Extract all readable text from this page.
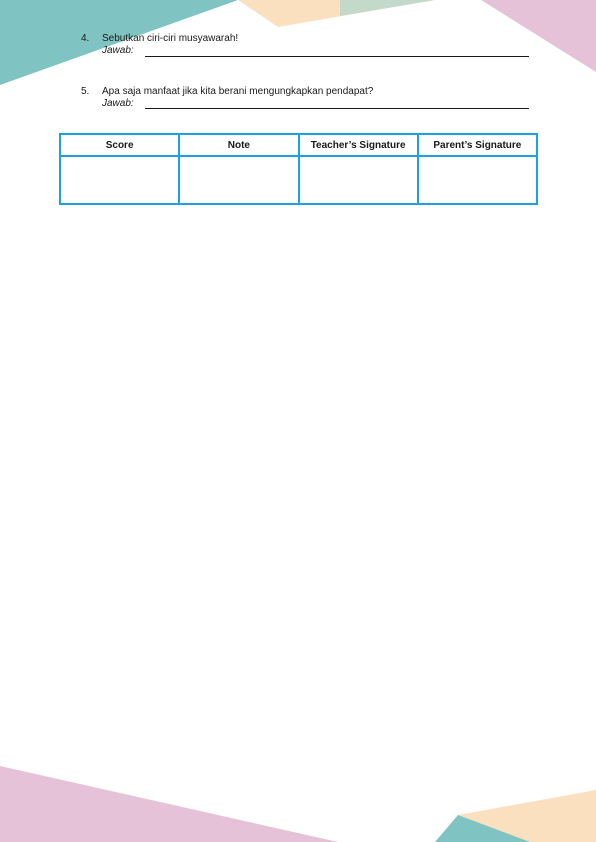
4. Sebutkan ciri-ciri musyawarah!
Jawab:
5. Apa saja manfaat jika kita berani mengungkapkan pendapat?
Jawab:
Score	Note	Teacher’s Signature	Parent’s Signature
